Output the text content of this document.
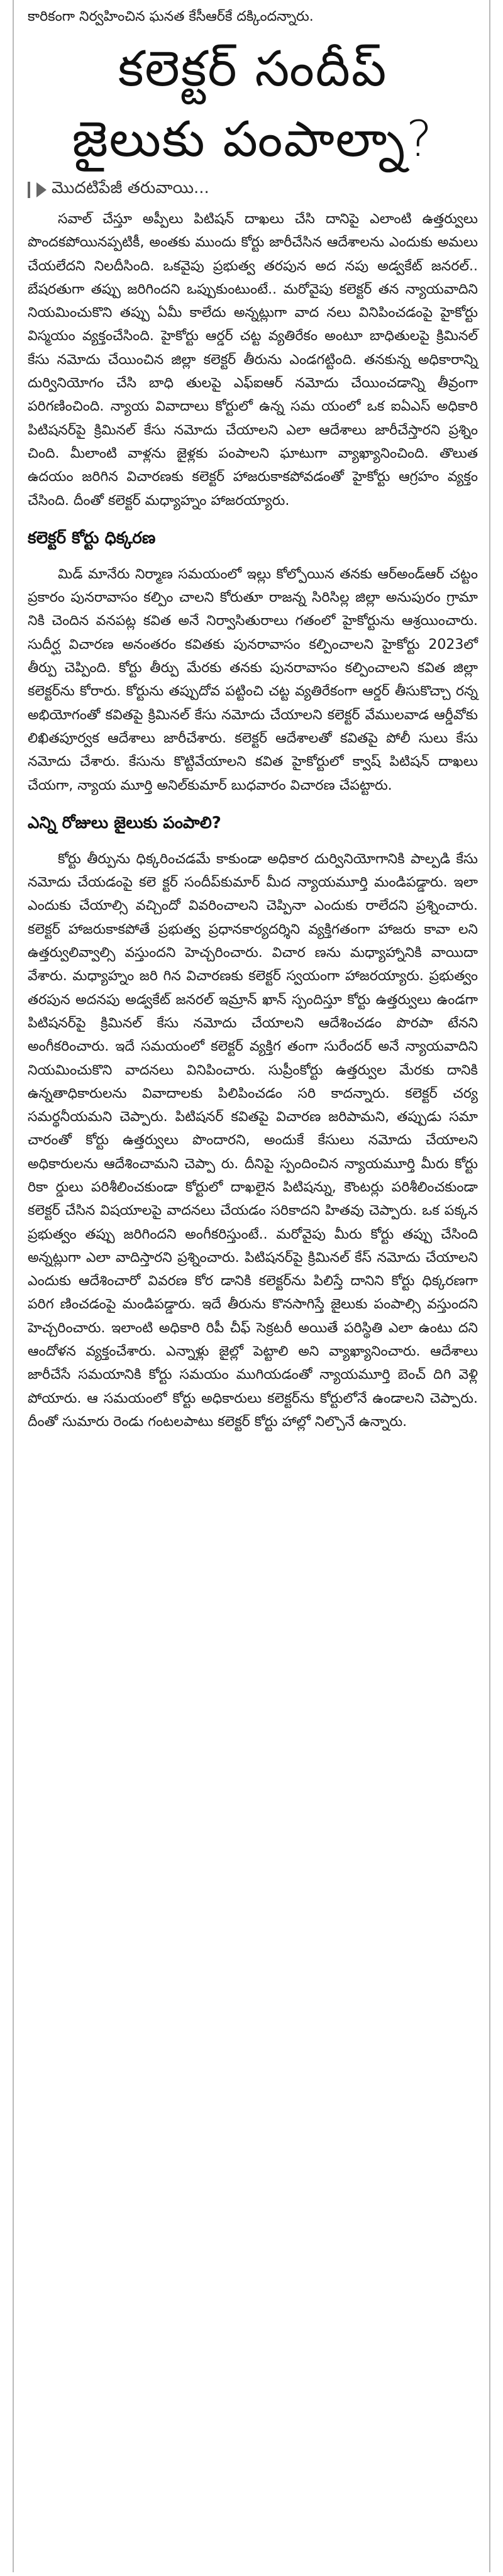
కారికంగా నిర్వహించిన ఘనత కేసీఆర్‌కే దక్కిందన్నారు.
కలెక్టర్ సందీప్
జైలుకు పంపాల్నా?
మొదటిపేజీ తరువాయి...

సవాల్ చేస్తూ అప్పీలు పిటిషన్ దాఖలు చేసి దానిపై ఎలాంటి ఉత్తర్వులు పొందకపోయినప్పటికీ, అంతకు ముందు కోర్టు జారీచేసిన ఆదేశాలను ఎందుకు అమలు చేయలేదని నిలదీసింది. ఒకవైపు ప్రభుత్వ తరపున అద నపు అడ్వకేట్ జనరల్.. బేషరతుగా తప్పు జరిగిందని ఒప్పుకుంటుంటే.. మరోవైపు కలెక్టర్ తన న్యాయవాదిని నియమించుకొని తప్పు ఏమీ కాలేదు అన్నట్లుగా వాద నలు వినిపించడంపై హైకోర్టు విస్మయం వ్యక్తంచేసింది. హైకోర్టు ఆర్డర్ చట్ట వ్యతిరేకం అంటూ బాధితులపై క్రిమినల్ కేసు నమోదు చేయించిన జిల్లా కలెక్టర్ తీరును ఎండగట్టింది. తనకున్న అధికారాన్ని దుర్వినియోగం చేసి బాధి తులపై ఎఫ్ఐఆర్ నమోదు చేయించడాన్ని తీవ్రంగా పరిగణించింది. న్యాయ వివాదాలు కోర్టులో ఉన్న సమ యంలో ఒక ఐఏఎస్ అధికారి పిటిషనర్‌పై క్రిమినల్ కేసు నమోదు చేయాలని ఎలా ఆదేశాలు జారీచేస్తారని ప్రశ్నిం చింది. మీలాంటి వాళ్లను జైళ్లకు పంపాలని ఘాటుగా వ్యాఖ్యానించింది. తొలుత ఉదయం జరిగిన విచారణకు కలెక్టర్ హాజరుకాకపోవడంతో హైకోర్టు ఆగ్రహం వ్యక్తం చేసింది. దీంతో కలెక్టర్ మధ్యాహ్నం హాజరయ్యారు.

కలెక్టర్ కోర్టు ధిక్కరణ

మిడ్ మానేరు నిర్మాణ సమయంలో ఇల్లు కోల్పోయిన తనకు ఆర్అండ్ఆర్ చట్టం ప్రకారం పునరావాసం కల్పిం చాలని కోరుతూ రాజన్న సిరిసిల్ల జిల్లా అనుపురం గ్రామా నికి చెందిన వనపట్ల కవిత అనే నిర్వాసితురాలు గతంలో హైకోర్టును ఆశ్రయించారు. సుదీర్ఘ విచారణ అనంతరం కవితకు పునరావాసం కల్పించాలని హైకోర్టు 2023లో తీర్పు చెప్పింది. కోర్టు తీర్పు మేరకు తనకు పునరావాసం కల్పించాలని కవిత జిల్లా కలెక్టర్‌ను కోరారు. కోర్టును తప్పుదోవ పట్టించి చట్ట వ్యతిరేకంగా ఆర్డర్ తీసుకొచ్చా రన్న అభియోగంతో కవితపై క్రిమినల్ కేసు నమోదు చేయాలని కలెక్టర్ వేములవాడ ఆర్డీవోకు లిఖితపూర్వక ఆదేశాలు జారీచేశారు. కలెక్టర్ ఆదేశాలతో కవితపై పోలీ సులు కేసు నమోదు చేశారు. కేసును కొట్టివేయాలని కవిత హైకోర్టులో క్వాష్ పిటిషన్ దాఖలు చేయగా, న్యాయ మూర్తి అనిల్‌కుమార్ బుధవారం విచారణ చేపట్టారు.

ఎన్ని రోజులు జైలుకు పంపాలి?

కోర్టు తీర్పును ధిక్కరించడమే కాకుండా అధికార దుర్వినియోగానికి పాల్పడి కేసు నమోదు చేయడంపై కలె క్టర్ సందీప్‌కుమార్ మీద న్యాయమూర్తి మండిపడ్డారు. ఇలా ఎందుకు చేయాల్సి వచ్చిందో వివరించాలని చెప్పినా ఎందుకు రాలేదని ప్రశ్నించారు. కలెక్టర్ హాజరుకాకపోతే ప్రభుత్వ ప్రధానకార్యదర్శిని వ్యక్తిగతంగా హాజరు కావా లని ఉత్తర్వులివ్వాల్సి వస్తుందని హెచ్చరించారు. విచార ణను మధ్యాహ్నానికి వాయిదా వేశారు. మధ్యాహ్నం జరి గిన విచారణకు కలెక్టర్ స్వయంగా హాజరయ్యారు. ప్రభుత్వం తరపున అదనపు అడ్వకేట్ జనరల్ ఇమ్రాన్ ఖాన్ స్పందిస్తూ కోర్టు ఉత్తర్వులు ఉండగా పిటిషనర్‌పై క్రిమినల్ కేసు నమోదు చేయాలని ఆదేశించడం పొరపా టేనని అంగీకరించారు. ఇదే సమయంలో కలెక్టర్ వ్యక్తిగ తంగా సురేందర్ అనే న్యాయవాదిని నియమించుకొని వాదనలు వినిపించారు. సుప్రీంకోర్టు ఉత్తర్వుల మేరకు దానికి ఉన్నతాధికారులను వివాదాలకు పిలిపించడం సరి కాదన్నారు. కలెక్టర్ చర్య సమర్థనీయమని చెప్పారు. పిటిషనర్ కవితపై విచారణ జరిపామని, తప్పుడు సమా చారంతో కోర్టు ఉత్తర్వులు పొందారని, అందుకే కేసులు నమోదు చేయాలని అధికారులను ఆదేశించామని చెప్పా రు. దీనిపై స్పందించిన న్యాయమూర్తి మీరు కోర్టు రికా ర్డులు పరిశీలించకుండా కోర్టులో దాఖలైన పిటిషన్ను, కౌంటర్లు పరిశీలించకుండా కలెక్టర్ చేసిన విషయాలపై వాదనలు చేయడం సరికాదని హితవు చెప్పారు. ఒక పక్కన ప్రభుత్వం తప్పు జరిగిందని అంగీకరిస్తుంటే.. మరోవైపు మీరు కోర్టు తప్పు చేసింది అన్నట్లుగా ఎలా వాదిస్తారని ప్రశ్నించారు. పిటిషనర్‌పై క్రిమినల్ కేస్ నమోదు చేయాలని ఎందుకు ఆదేశించారో వివరణ కోర డానికి కలెక్టర్‌ను పిలిస్తే దానిని కోర్టు ధిక్కరణగా పరిగ ణించడంపై మండిపడ్డారు. ఇదే తీరును కొనసాగిస్తే జైలుకు పంపాల్సి వస్తుందని హెచ్చరించారు. ఇలాంటి అధికారి రిపీ చీఫ్ సెక్రటరీ అయితే పరిస్థితి ఎలా ఉంటు దని ఆందోళన వ్యక్తంచేశారు. ఎన్నాళ్లు జైల్లో పెట్టాలి అని వ్యాఖ్యానించారు. ఆదేశాలు జారీచేసే సమయానికి కోర్టు సమయం ముగియడంతో న్యాయమూర్తి బెంచ్ దిగి వెళ్లి పోయారు. ఆ సమయంలో కోర్టు అధికారులు కలెక్టర్‌ను కోర్టులోనే ఉండాలని చెప్పారు. దీంతో సుమారు రెండు గంటలపాటు కలెక్టర్ కోర్టు హాల్లో నిల్చొనే ఉన్నారు.
